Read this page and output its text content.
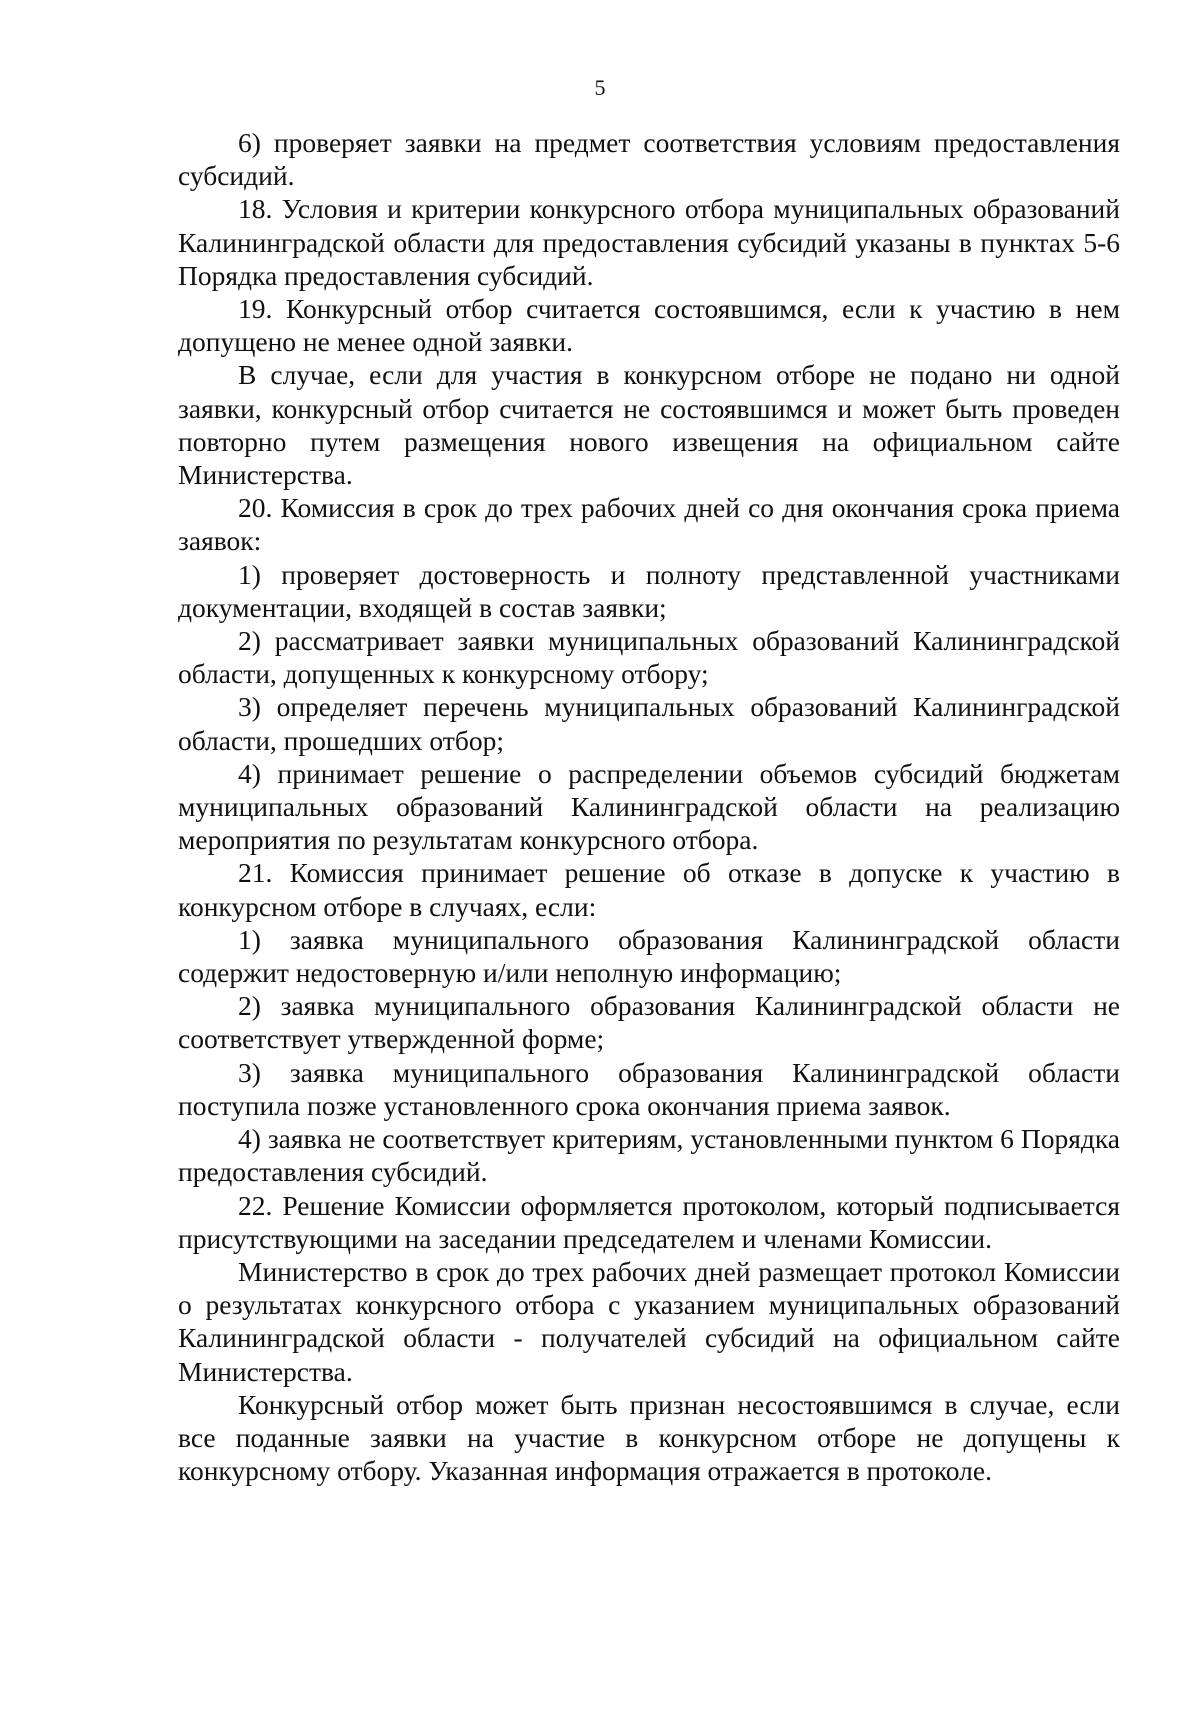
5

6) проверяет заявки на предмет соответствия условиям предоставления субсидий.

18. Условия и критерии конкурсного отбора муниципальных образований Калининградской области для предоставления субсидий указаны в пунктах 5-6 Порядка предоставления субсидий.

19. Конкурсный отбор считается состоявшимся, если к участию в нем допущено не менее одной заявки.

В случае, если для участия в конкурсном отборе не подано ни одной заявки, конкурсный отбор считается не состоявшимся и может быть проведен повторно путем размещения нового извещения на официальном сайте Министерства.

20. Комиссия в срок до трех рабочих дней со дня окончания срока приема заявок:

1) проверяет достоверность и полноту представленной участниками документации, входящей в состав заявки;

2) рассматривает заявки муниципальных образований Калининградской области, допущенных к конкурсному отбору;

3) определяет перечень муниципальных образований Калининградской области, прошедших отбор;

4) принимает решение о распределении объемов субсидий бюджетам муниципальных образований Калининградской области на реализацию мероприятия по результатам конкурсного отбора.

21. Комиссия принимает решение об отказе в допуске к участию в конкурсном отборе в случаях, если:

1) заявка муниципального образования Калининградской области содержит недостоверную и/или неполную информацию;

2) заявка муниципального образования Калининградской области не соответствует утвержденной форме;

3) заявка муниципального образования Калининградской области поступила позже установленного срока окончания приема заявок.

4) заявка не соответствует критериям, установленными пунктом 6 Порядка предоставления субсидий.

22. Решение Комиссии оформляется протоколом, который подписывается присутствующими на заседании председателем и членами Комиссии.

Министерство в срок до трех рабочих дней размещает протокол Комиссии о результатах конкурсного отбора с указанием муниципальных образований Калининградской области - получателей субсидий на официальном сайте Министерства.

Конкурсный отбор может быть признан несостоявшимся в случае, если все поданные заявки на участие в конкурсном отборе не допущены к конкурсному отбору. Указанная информация отражается в протоколе.
